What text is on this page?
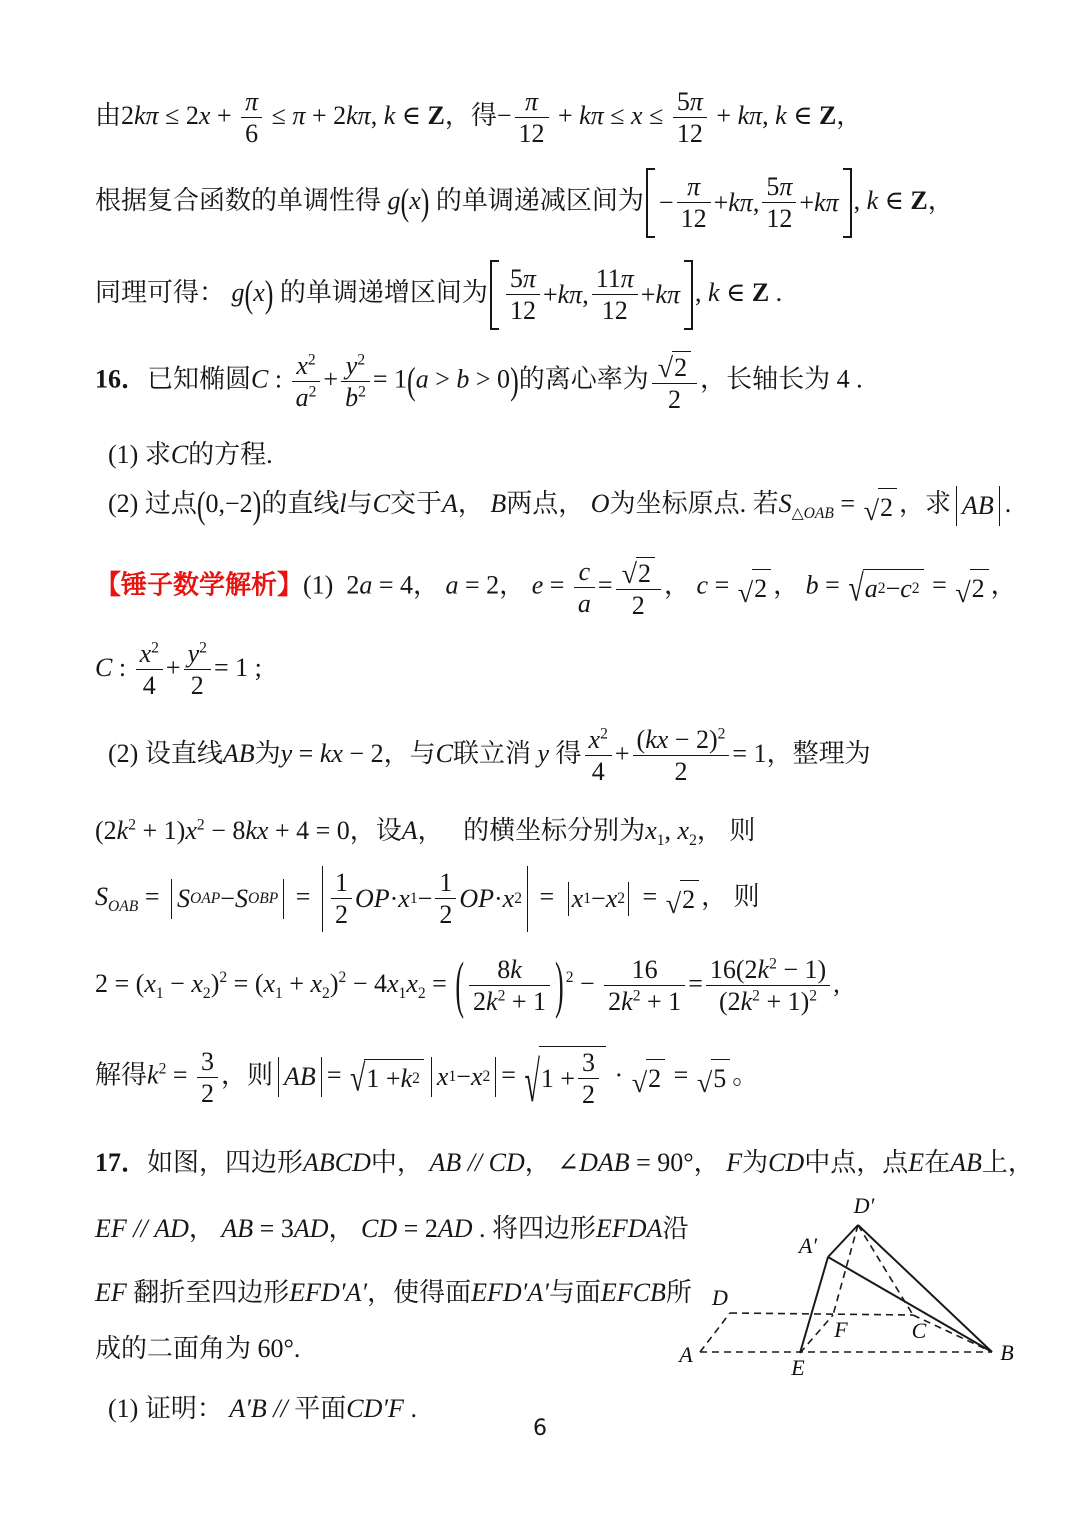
由$2k\pi \le 2x + \frac{\pi}{6} \le \pi + 2k\pi$, k ∈ Z，得− $\frac{\pi}{12} + k\pi \le x \le \frac{5\pi}{12} + k\pi$, k ∈ Z，

根据复合函数的单调性得 g(x) 的单调递减区间为 −
π
12
+ kπ ,
5π
12
+ kπ , k ∈ Z，

同理可得： g(x) 的单调递增区间为 5π
12
+ kπ ,
11π
12
+ kπ , k ∈ Z .

16．已知椭圆C : $\frac{x^2}{a^2} + \frac{y^2}{b^2} = 1(a > b > 0)$的离心率为 $\frac{√ 2}{2}$ ，长轴长为 4 .

(1) 求C的方程.

(2) 过点(0,−2)的直线l与C交于A， B两点， O为坐标原点. 若$S_{\triangle OAB}$ = √ 2 ，求 AB .

【锤子数学解析】(1)  2a = 4， a = 2， $e = \frac{c}{a} = \frac{√ 2}{2}$ ， c = √ 2 ， b = √ a 2 − c 2 = √ 2 ，

C : $\frac{x^2}{4} + \frac{y^2}{2} = 1$ ;

(2) 设直线AB为y = kx − 2，与C联立消 y 得 $\frac{x^2}{4} + \frac{(kx - 2)^2}{2} = 1$，整理为

$(2k^2 + 1)x^2 - 8kx + 4 = 0$，设A，   的横坐标分别为$x_1$, $x_2$， 则

$S_{OAB} = S$ OAP − S OBP = 1
2
OP · x 1 −
1
2
OP · x 2 = x 1 − x 2 = √ 2 ， 则

$2 = (x_1 - x_2)^2 = (x_1 + x_2)^2 - 4x_1x_2$ = (	8k
$2k^2 + 1$ ) $^2 - \frac{16}{2k^2 + 1} = \frac{16(2k^2 - 1)}{(2k^2 + 1)^2}$ ,

解得$k^2 = \frac{3}{2}$ ，则 AB = √ 1 + k 2 x 1 − x 2 = √ 1 +
3
2
· √ 2 = √ 5 。

17．如图，四边形ABCD中， AB // CD， ∠DAB = 90°， F为CD中点，点E在AB上，

EF // AD， AB = 3AD， CD = 2AD . 将四边形EFDA沿

EF 翻折至四边形EFD′A′，使得面EFD′A′与面EFCB所

成的二面角为 60°.

(1) 证明： A′B // 平面CD′F .

D′
A′
D
F	C
A
E
B

6
